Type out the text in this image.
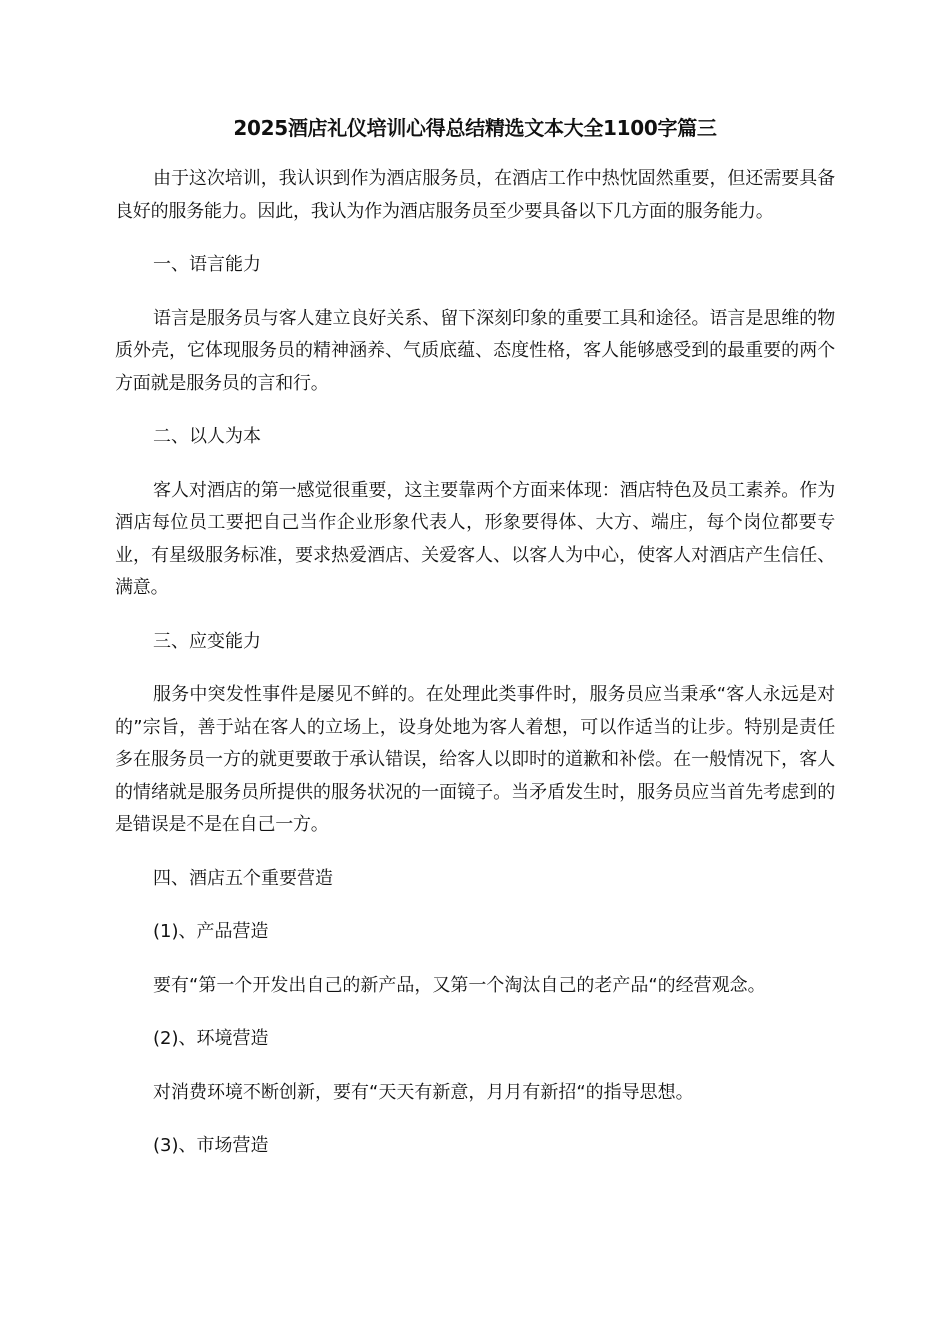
2025酒店礼仪培训心得总结精选文本大全1100字篇三

由于这次培训，我认识到作为酒店服务员，在酒店工作中热忱固然重要，但还需要具备良好的服务能力。因此，我认为作为酒店服务员至少要具备以下几方面的服务能力。

一、语言能力

语言是服务员与客人建立良好关系、留下深刻印象的重要工具和途径。语言是思维的物质外壳，它体现服务员的精神涵养、气质底蕴、态度性格，客人能够感受到的最重要的两个方面就是服务员的言和行。

二、以人为本

客人对酒店的第一感觉很重要，这主要靠两个方面来体现：酒店特色及员工素养。作为酒店每位员工要把自己当作企业形象代表人，形象要得体、大方、端庄，每个岗位都要专业，有星级服务标准，要求热爱酒店、关爱客人、以客人为中心，使客人对酒店产生信任、满意。

三、应变能力

服务中突发性事件是屡见不鲜的。在处理此类事件时，服务员应当秉承“客人永远是对的”宗旨，善于站在客人的立场上，设身处地为客人着想，可以作适当的让步。特别是责任多在服务员一方的就更要敢于承认错误，给客人以即时的道歉和补偿。在一般情况下，客人的情绪就是服务员所提供的服务状况的一面镜子。当矛盾发生时，服务员应当首先考虑到的是错误是不是在自己一方。

四、酒店五个重要营造

(1)、产品营造

要有“第一个开发出自己的新产品，又第一个淘汰自己的老产品“的经营观念。

(2)、环境营造

对消费环境不断创新，要有“天天有新意，月月有新招“的指导思想。

(3)、市场营造
